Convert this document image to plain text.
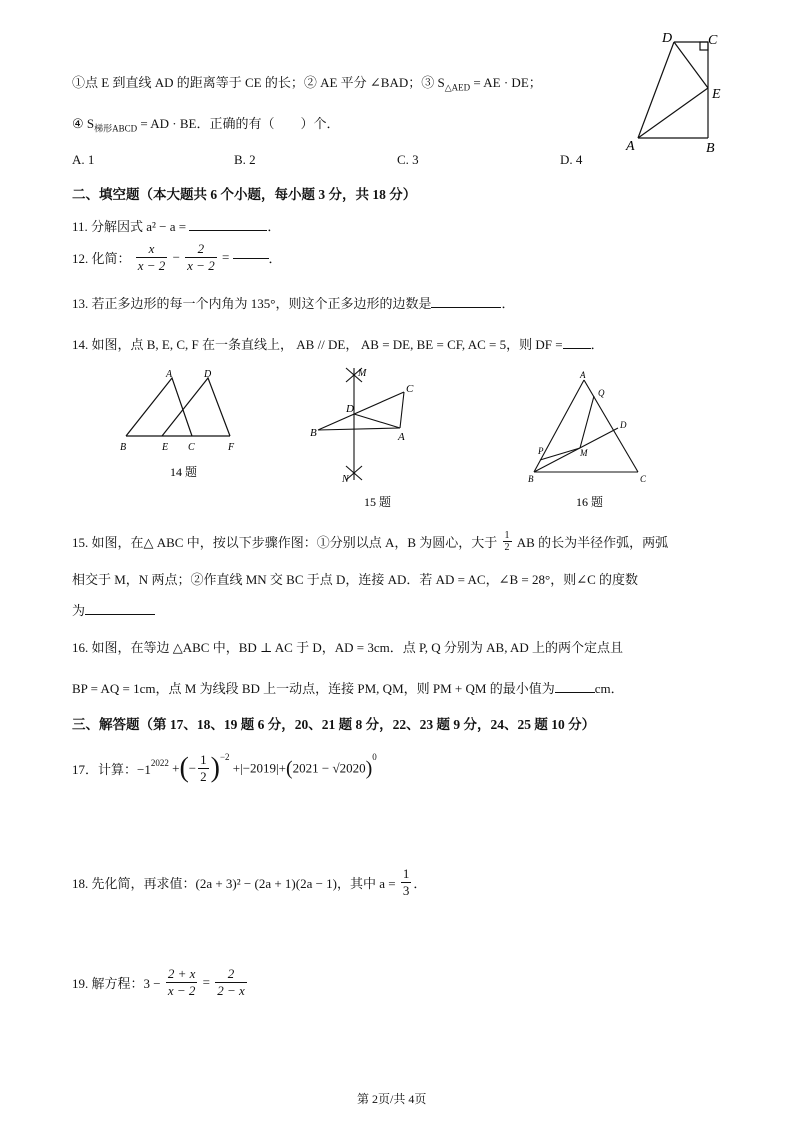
①点 E 到直线 AD 的距离等于 CE 的长；② AE 平分 ∠BAD；③ $S_{\triangle AED}$ = AE · DE；
④ $S_{梯形ABCD}$ = AD · BE．正确的有（　　）个．
A. 1	B. 2	C. 3	D. 4
D	C
E
A	B
二、填空题（本大题共 6 个小题，每小题 3 分，共 18 分）
11. 分解因式 a² − a =	．
12. 化简： $\frac{x}{x - 2} - \frac{2}{x - 2}$ =	．
13. 若正多边形的每一个内角为 135°，则这个正多边形的边数是	．
14. 如图，点 B, E, C, F 在一条直线上， AB // DE， AB = DE, BE = CF, AC = 5，则 DF = ．
A	D
B	E C	F
14 题
M
C
D
B	A
N
15 题
A
Q
D
P	M
B	C
16 题
15. 如图，在△ ABC 中，按以下步骤作图：①分别以点 A，B 为圆心，大于 $\frac{1}{2}$ AB 的长为半径作弧，两弧
相交于 M，N 两点；②作直线 MN 交 BC 于点 D，连接 AD．若 AD = AC，∠B = 28°，则∠C 的度数
为
16. 如图，在等边 △ABC 中，BD ⊥ AC 于 D，AD = 3cm．点 P, Q 分别为 AB, AD 上的两个定点且
BP = AQ = 1cm，点 M 为线段 BD 上一动点，连接 PM, QM，则 PM + QM 的最小值为	cm．
三、解答题（第 17、18、19 题 6 分，20、21 题 8 分，22、23 题 9 分，24、25 题 10 分）
17．计算：$-1^{2022}$ +(− $\frac{1}{2} )^{-2} +|-2019|+(2021 - √2020)^0$
18. 先化简，再求值：(2a + 3)² − (2a + 1)(2a − 1)，其中 $a = \frac{1}{3}$ ．
19. 解方程：$3 - \frac{2 + x}{x - 2} = \frac{2}{2 - x}$
第 2页/共 4页
